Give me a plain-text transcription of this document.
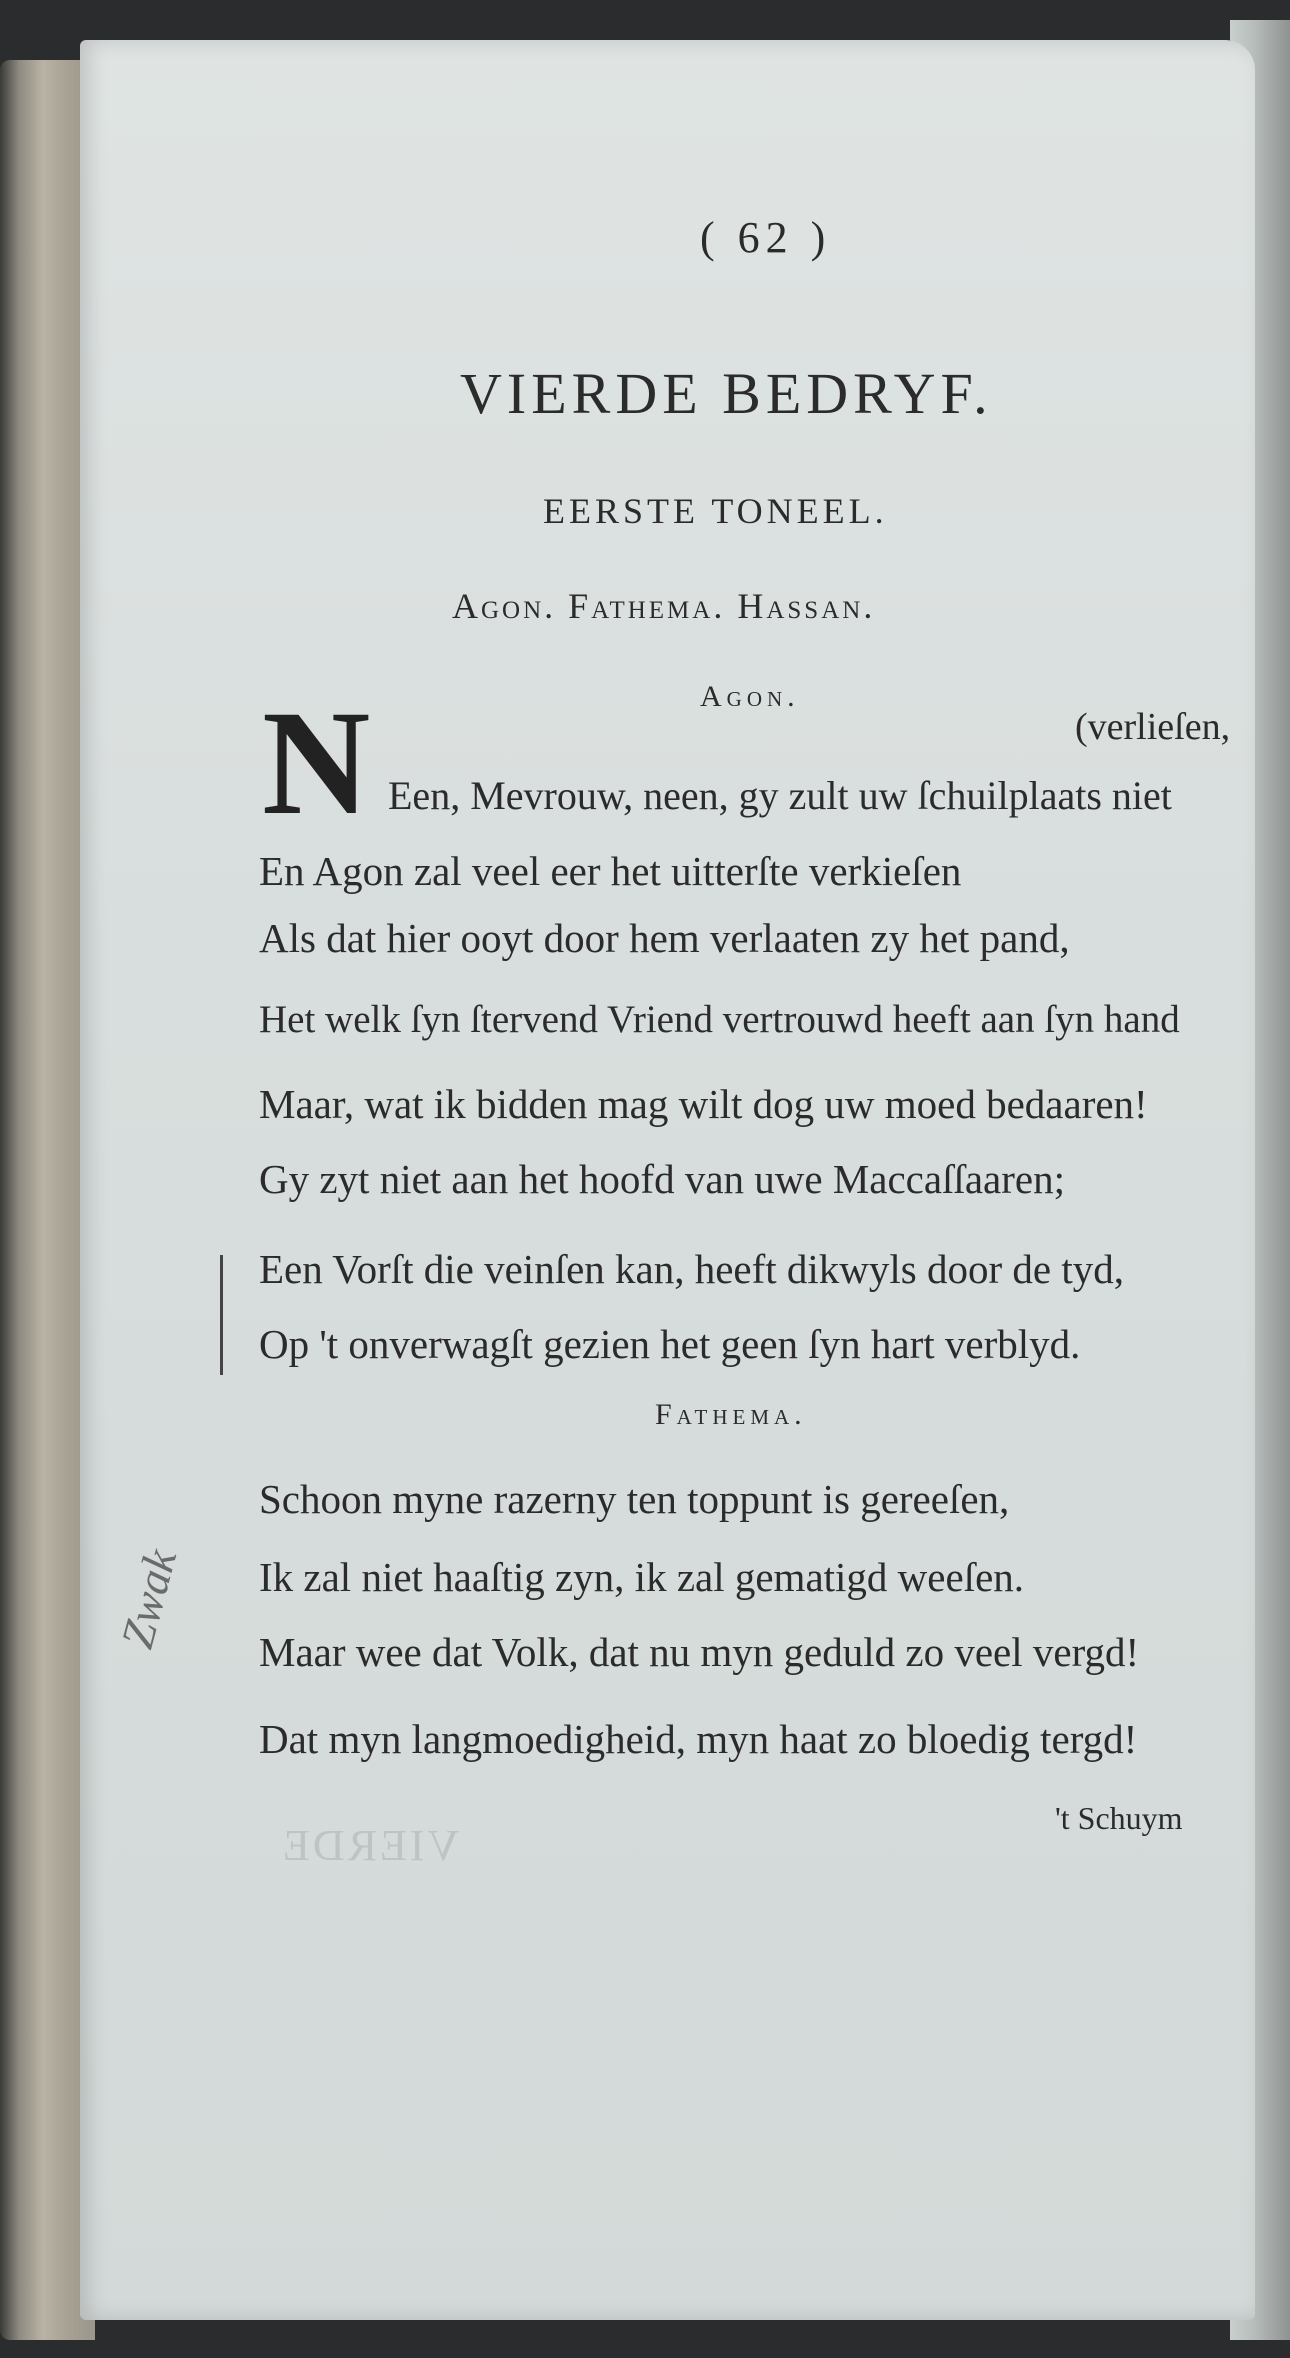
VIERDE
( 62 )
VIERDE BEDRYF.
EERSTE TONEEL.
Agon. Fathema. Hassan.
Agon.
(verlieſen,
N Een, Mevrouw, neen, gy zult uw ſchuilplaats niet
En Agon zal veel eer het uitterſte verkieſen
Als dat hier ooyt door hem verlaaten zy het pand,
Het welk ſyn ſtervend Vriend vertrouwd heeft aan ſyn hand
Maar, wat ik bidden mag wilt dog uw moed bedaaren!
Gy zyt niet aan het hoofd van uwe Maccaſſaaren;
Een Vorſt die veinſen kan, heeft dikwyls door de tyd,
Op 't onverwagſt gezien het geen ſyn hart verblyd.
Fathema.
Schoon myne razerny ten toppunt is gereeſen,
Ik zal niet haaſtig zyn, ik zal gematigd weeſen.
Maar wee dat Volk, dat nu myn geduld zo veel vergd!
Dat myn langmoedigheid, myn haat zo bloedig tergd!
Zwak
't Schuym
